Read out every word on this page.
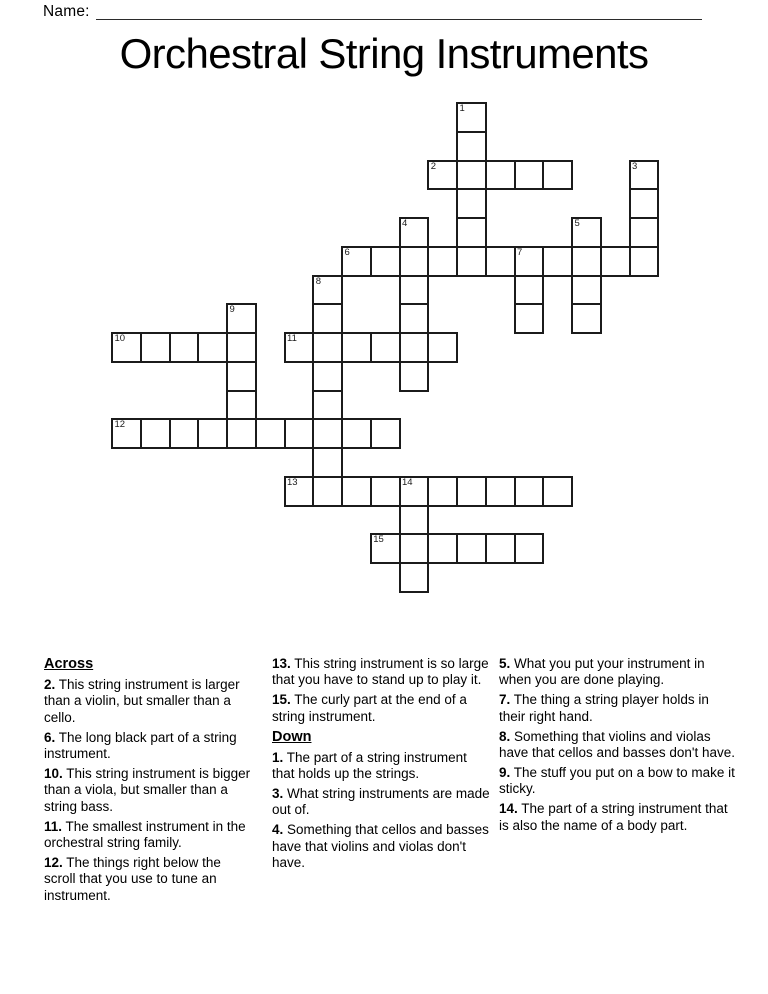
Name:
Orchestral String Instruments
1
2	3
4	5
6	7
8
9
10	11
12
13	14
15
Across

2. This string instrument is larger than a violin, but smaller than a cello.

6. The long black part of a string instrument.

10. This string instrument is bigger than a viola, but smaller than a string bass.

11. The smallest instrument in the orchestral string family.

12. The things right below the scroll that you use to tune an instrument.

13. This string instrument is so large that you have to stand up to play it.

15. The curly part at the end of a string instrument.

Down

1. The part of a string instrument that holds up the strings.

3. What string instruments are made out of.

4. Something that cellos and basses have that violins and violas don't have.

5. What you put your instrument in when you are done playing.

7. The thing a string player holds in their right hand.

8. Something that violins and violas have that cellos and basses don't have.

9. The stuff you put on a bow to make it sticky.

14. The part of a string instrument that is also the name of a body part.
